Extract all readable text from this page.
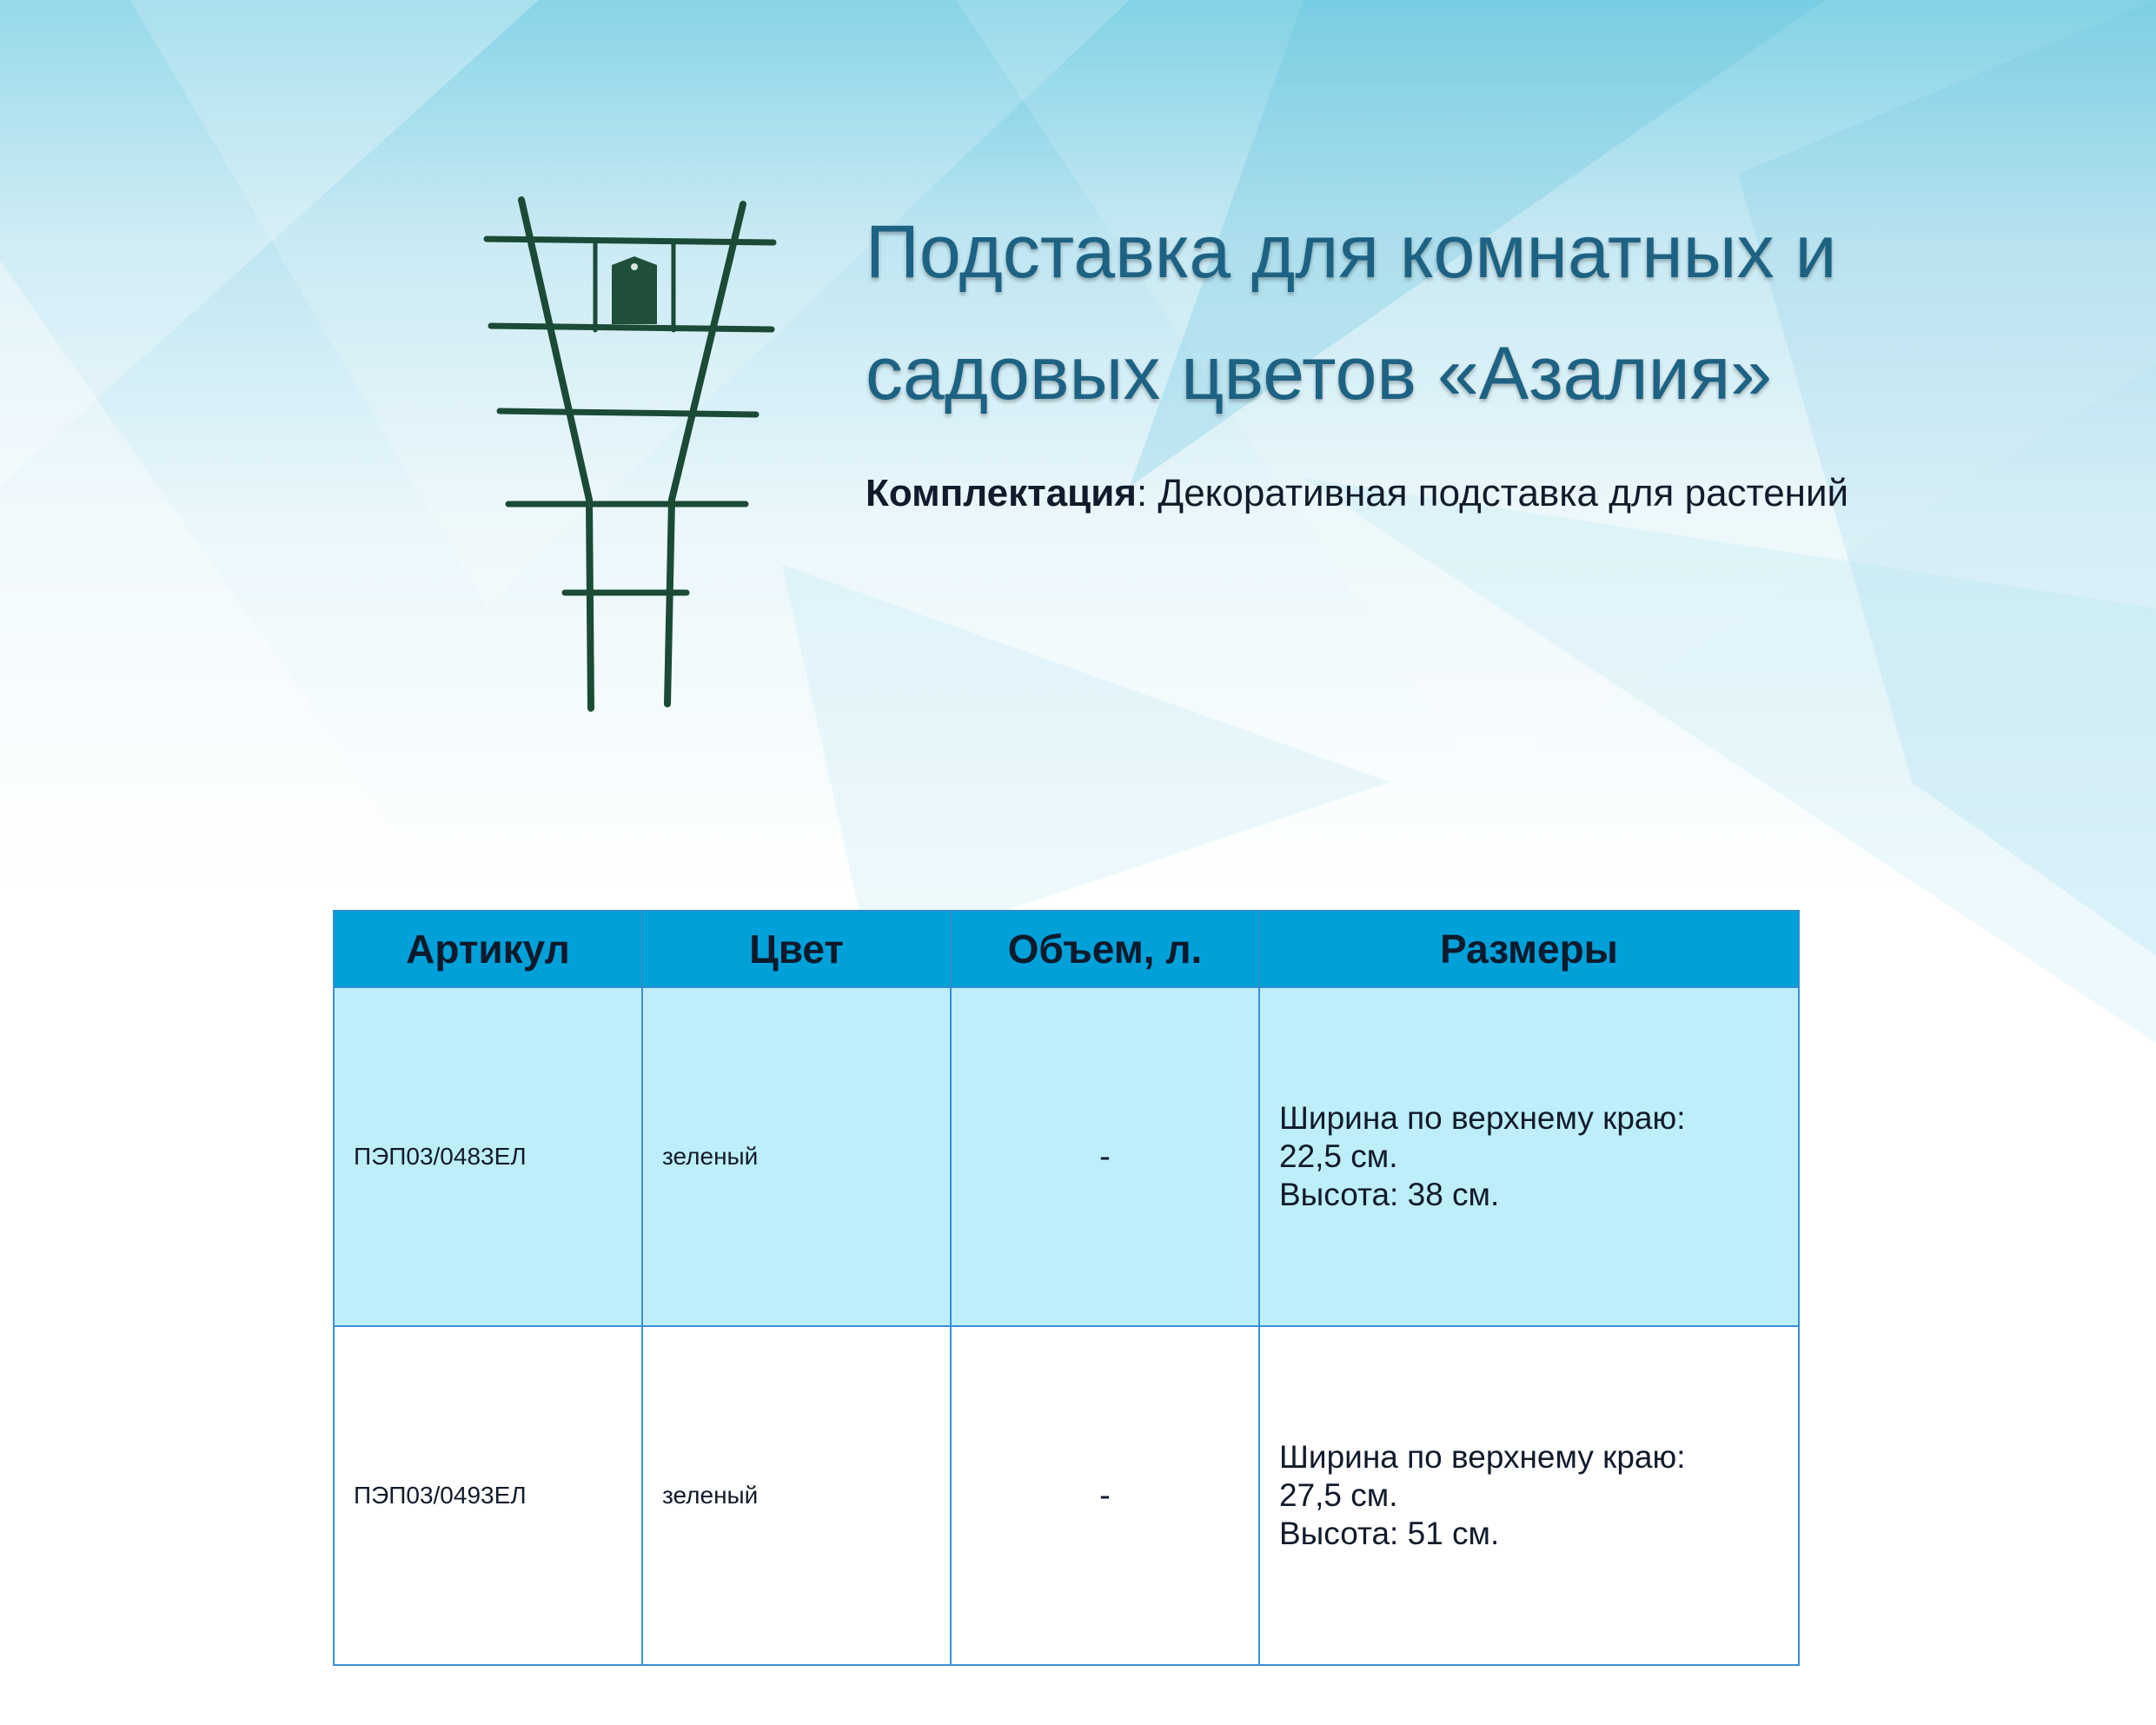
Подставка для комнатных и
садовых цветов «Азалия»

Комплектация: Декоративная подставка для растений

Артикул	Цвет	Объем, л.	Размеры
ПЭП03/0483ЕЛ	зеленый	-	Ширина по верхнему краю:
22,5 см.
Высота: 38 см.

ПЭП03/0493ЕЛ	зеленый	-	Ширина по верхнему краю:
27,5 см.
Высота: 51 см.
